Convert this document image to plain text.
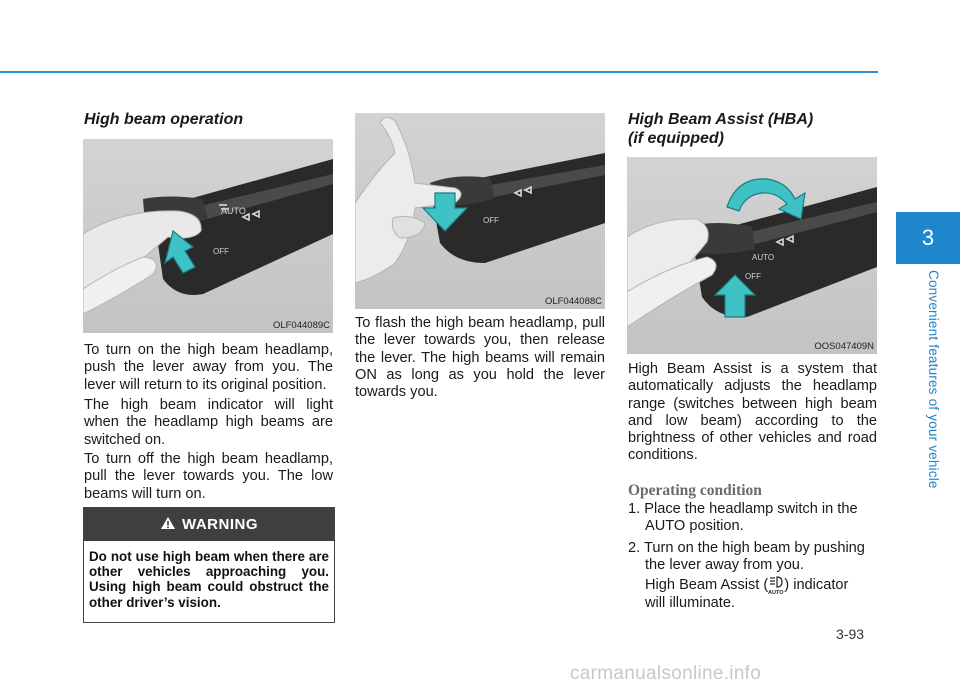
3
Convenient features of your vehicle
High beam operation
AUTO
OFF
OLF044089C

To turn on the high beam headlamp, push the lever away from you. The lever will return to its original position.

The high beam indicator will light when the headlamp high beams are switched on.

To turn off the high beam headlamp, pull the lever towards you. The low beams will turn on.

WARNING
Do not use high beam when there are other vehicles approaching you. Using high beam could obstruct the other driver’s vision.
OFF
OLF044088C

To flash the high beam headlamp, pull the lever towards you, then release the lever. The high beams will remain ON as long as you hold the lever towards you.

High Beam Assist (HBA)
(if equipped)
AUTO
OFF
OOS047409N

High Beam Assist is a system that automatically adjusts the headlamp range (switches between high beam and low beam) according to the brightness of other vehicles and road conditions.

Operating condition
1. Place the headlamp switch in the
AUTO position.
2. Turn on the high beam by pushing
the lever away from you.
High Beam Assist ( AUTO ) indicator
will illuminate.
3-93
carmanualsonline.info
